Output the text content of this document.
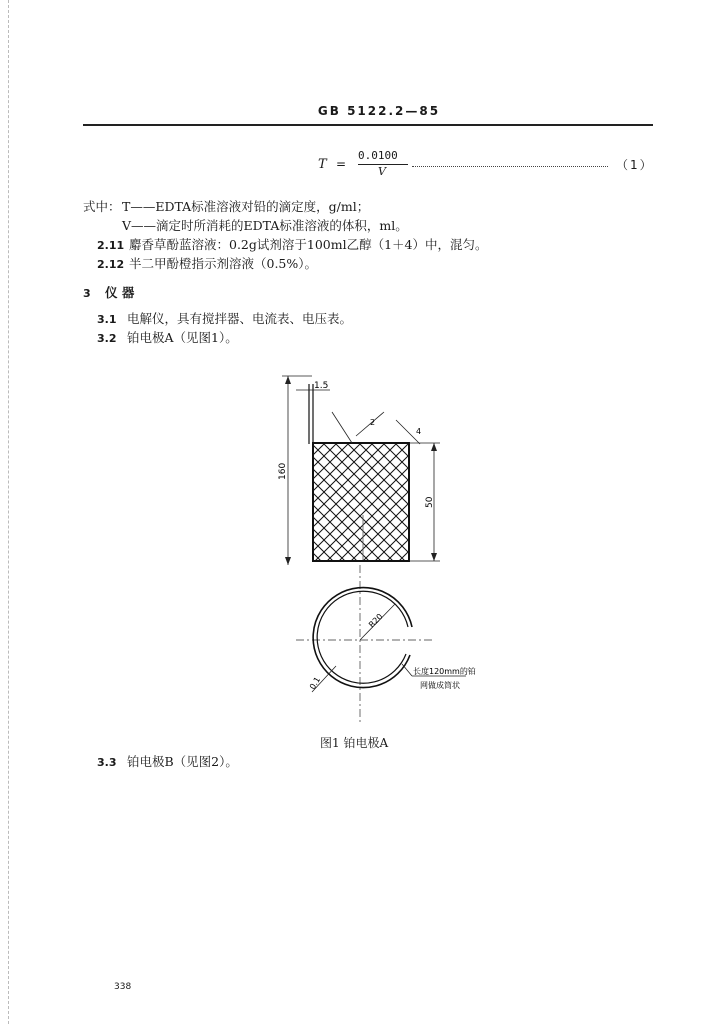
GB 5122.2—85
T =
0.0100
V	（1）
式中： T——EDTA标准溶液对铅的滴定度，g/ml；
V——滴定时所消耗的EDTA标准溶液的体积，ml。
2.11 麝香草酚蓝溶液：0.2g试剂溶于100ml乙醇（1＋4）中，混匀。
2.12 半二甲酚橙指示剂溶液（0.5%）。
3 仪 器
3.1 电解仪，具有搅拌器、电流表、电压表。
3.2 铂电极A（见图1）。
1.5
160
2
4
50
R20
0.1
长度120mm的铂
网做成筒状
图1 铂电极A
3.3 铂电极B（见图2）。
338
